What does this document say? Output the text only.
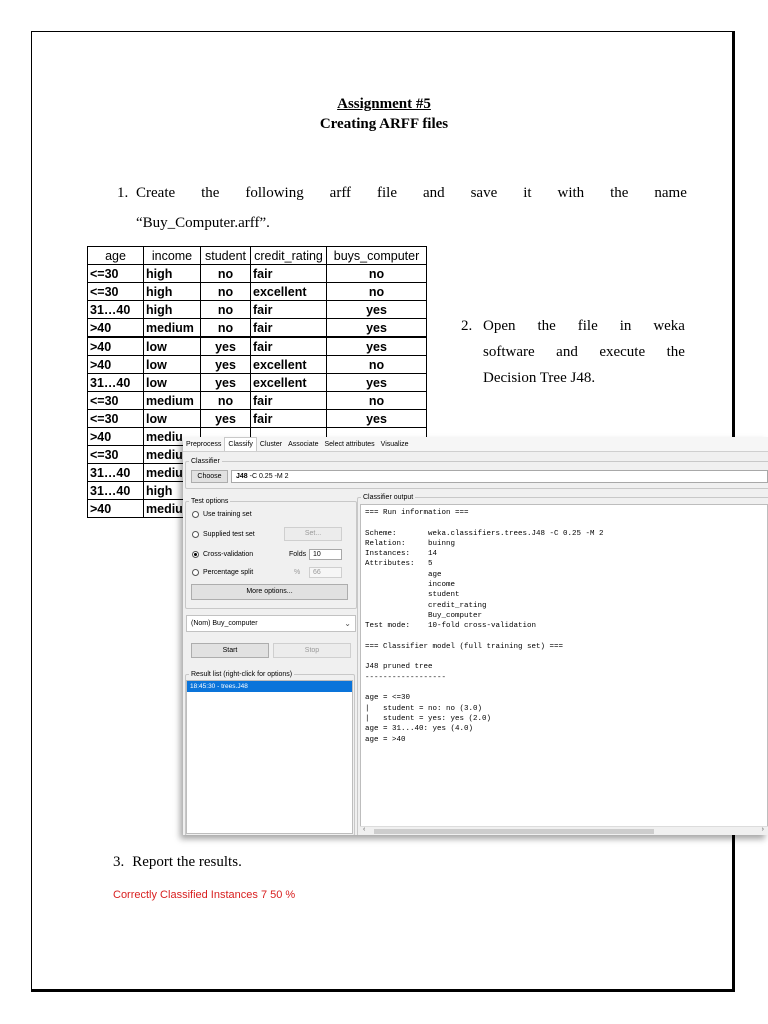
Assignment #5
Creating ARFF files
1. Create the following arff file and save it with the name
“Buy_Computer.arff”.
age	income	student	credit_rating	buys_computer
<=30	high	no	fair	no
<=30	high	no	excellent	no
31…40	high	no	fair	yes
>40	medium	no	fair	yes
>40	low	yes	fair	yes
>40	low	yes	excellent	no
31…40	low	yes	excellent	yes
<=30	medium	no	fair	no
<=30	low	yes	fair	yes
>40	mediu			
<=30	mediu			
31…40	mediu			
31…40	high			
>40	mediu			
2. Open the file in weka
software and execute the
Decision Tree J48.
Preprocess	Classify	Cluster Associate Select attributes Visualize
Classifier
Choose	J48 -C 0.25 -M 2
Test options
Use training set
Supplied test set	Set...
Cross-validation	Folds 10
Percentage split	%	66
More options...
(Nom) Buy_computer	⌄
Start	Stop
Result list (right-click for options)
18:45:30 - trees.J48
Classifier output
=== Run information ===

Scheme:       weka.classifiers.trees.J48 -C 0.25 -M 2
Relation:     buinng
Instances:    14
Attributes:   5
age
income
student
credit_rating
Buy_computer
Test mode:    10-fold cross-validation

=== Classifier model (full training set) ===

J48 pruned tree
------------------

age = <=30
|   student = no: no (3.0)
|   student = yes: yes (2.0)
age = 31...40: yes (4.0)
age = >40
‹	›
3. Report the results.
Correctly Classified Instances 7 50 %
